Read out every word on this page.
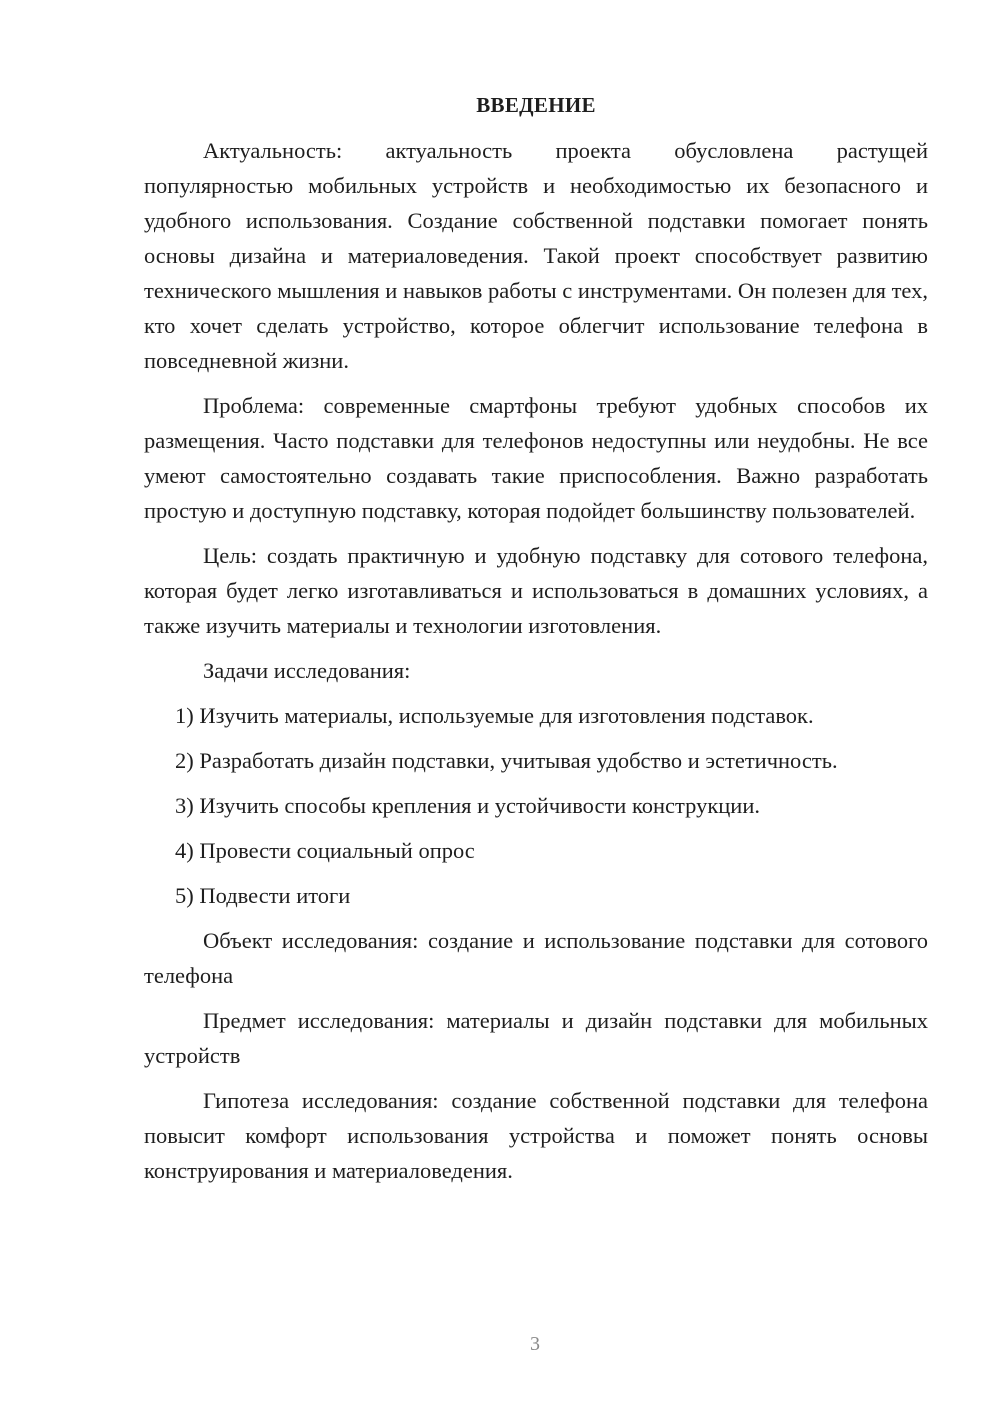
ВВЕДЕНИЕ

Актуальность: актуальность проекта обусловлена растущей популярностью мобильных устройств и необходимостью их безопасного и удобного использования. Создание собственной подставки помогает понять основы дизайна и материаловедения. Такой проект способствует развитию технического мышления и навыков работы с инструментами. Он полезен для тех, кто хочет сделать устройство, которое облегчит использование телефона в повседневной жизни.

Проблема: современные смартфоны требуют удобных способов их размещения. Часто подставки для телефонов недоступны или неудобны. Не все умеют самостоятельно создавать такие приспособления. Важно разработать простую и доступную подставку, которая подойдет большинству пользователей.

Цель: создать практичную и удобную подставку для сотового телефона, которая будет легко изготавливаться и использоваться в домашних условиях, а также изучить материалы и технологии изготовления.

Задачи исследования:

1) Изучить материалы, используемые для изготовления подставок.

2) Разработать дизайн подставки, учитывая удобство и эстетичность.

3) Изучить способы крепления и устойчивости конструкции.

4) Провести социальный опрос

5) Подвести итоги

Объект исследования: создание и использование подставки для сотового телефона

Предмет исследования: материалы и дизайн подставки для мобильных устройств

Гипотеза исследования: создание собственной подставки для телефона повысит комфорт использования устройства и поможет понять основы конструирования и материаловедения.

3
